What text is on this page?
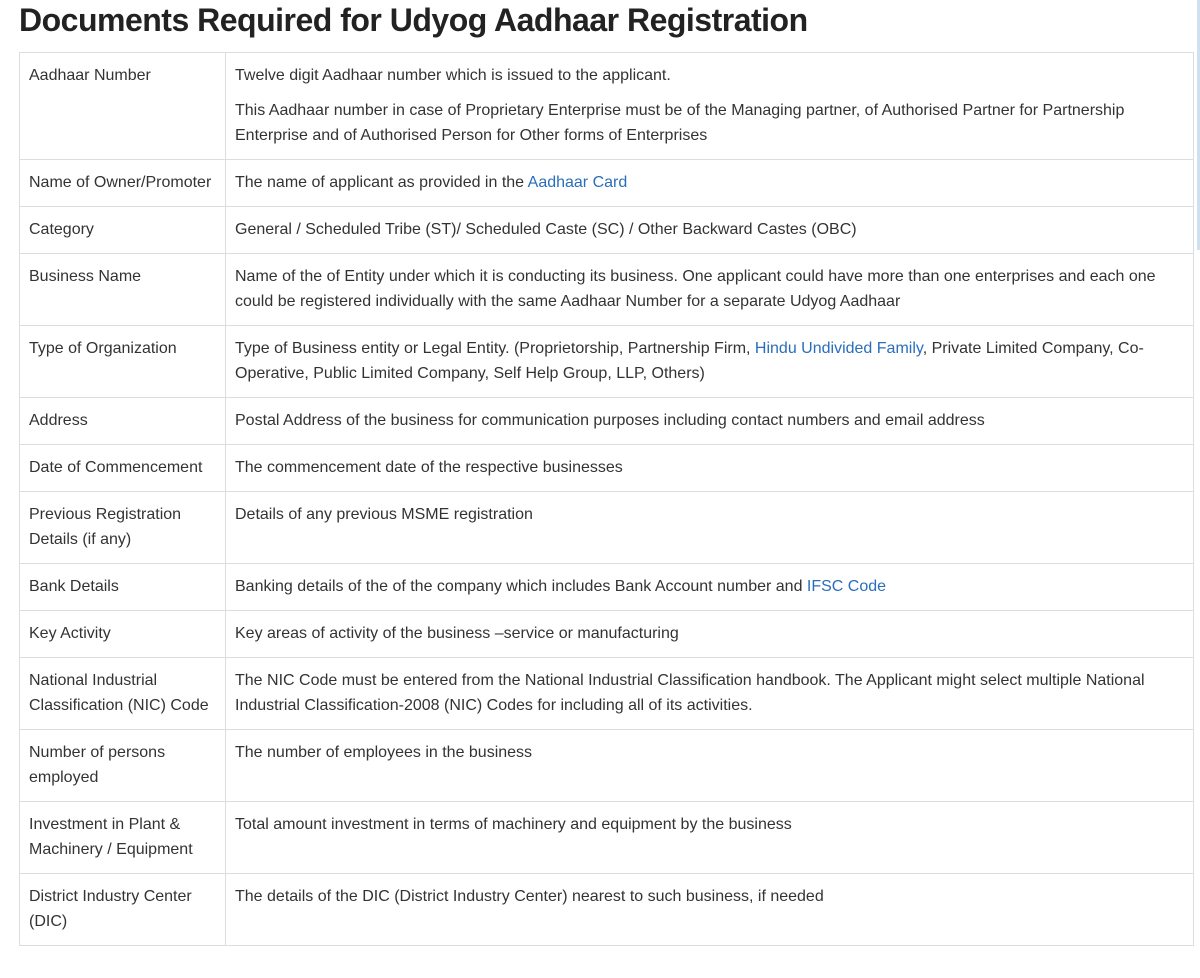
Documents Required for Udyog Aadhaar Registration
Aadhaar Number	Twelve digit Aadhaar number which is issued to the applicant.

This Aadhaar number in case of Proprietary Enterprise must be of the Managing partner, of Authorised Partner for Partnership Enterprise and of Authorised Person for Other forms of Enterprises

Name of Owner/Promoter	The name of applicant as provided in the Aadhaar Card
Category	General / Scheduled Tribe (ST)/ Scheduled Caste (SC) / Other Backward Castes (OBC)
Business Name	Name of the of Entity under which it is conducting its business. One applicant could have more than one enterprises and each one could be registered individually with the same Aadhaar Number for a separate Udyog Aadhaar
Type of Organization	Type of Business entity or Legal Entity. (Proprietorship, Partnership Firm, Hindu Undivided Family, Private Limited Company, Co-Operative, Public Limited Company, Self Help Group, LLP, Others)
Address	Postal Address of the business for communication purposes including contact numbers and email address
Date of Commencement	The commencement date of the respective businesses
Previous Registration Details (if any)	Details of any previous MSME registration
Bank Details	Banking details of the of the company which includes Bank Account number and IFSC Code
Key Activity	Key areas of activity of the business –service or manufacturing
National Industrial Classification (NIC) Code	The NIC Code must be entered from the National Industrial Classification handbook. The Applicant might select multiple National Industrial Classification-2008 (NIC) Codes for including all of its activities.
Number of persons employed	The number of employees in the business
Investment in Plant & Machinery / Equipment	Total amount investment in terms of machinery and equipment by the business
District Industry Center (DIC)	The details of the DIC (District Industry Center) nearest to such business, if needed
